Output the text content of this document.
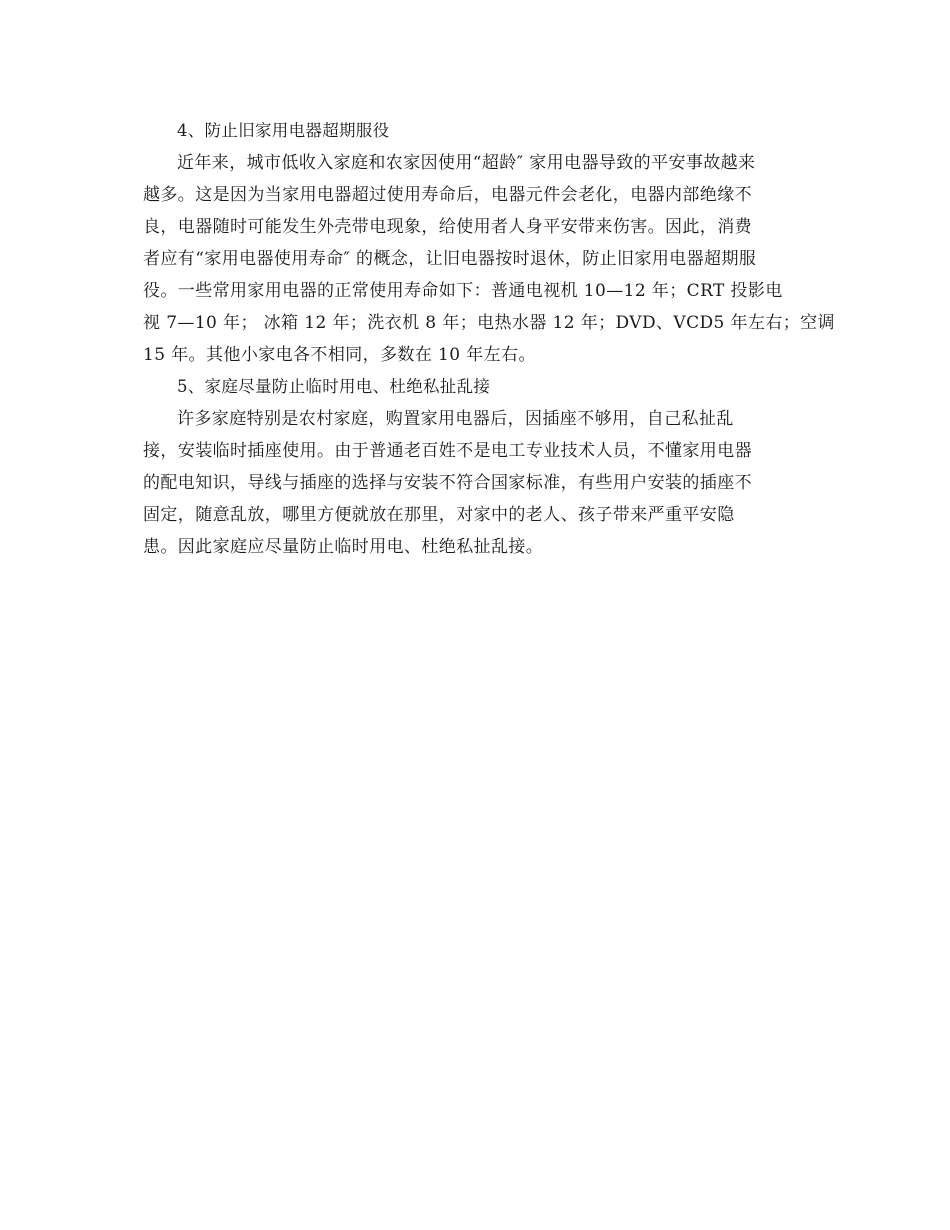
4、防止旧家用电器超期服役

近年来，城市低收入家庭和农家因使用“超龄″ 家用电器导致的平安事故越来
越多。这是因为当家用电器超过使用寿命后，电器元件会老化，电器内部绝缘不
良，电器随时可能发生外壳带电现象，给使用者人身平安带来伤害。因此，消费
者应有“家用电器使用寿命″ 的概念，让旧电器按时退休，防止旧家用电器超期服
役。一些常用家用电器的正常使用寿命如下：普通电视机 10—12 年；CRT 投影电
视 7—10 年； 冰箱 12 年；洗衣机 8 年；电热水器 12 年；DVD、VCD5 年左右；空调
15 年。其他小家电各不相同，多数在 10 年左右。

5、家庭尽量防止临时用电、杜绝私扯乱接

许多家庭特别是农村家庭，购置家用电器后，因插座不够用，自己私扯乱
接，安装临时插座使用。由于普通老百姓不是电工专业技术人员，不懂家用电器
的配电知识，导线与插座的选择与安装不符合国家标准，有些用户安装的插座不
固定，随意乱放，哪里方便就放在那里，对家中的老人、孩子带来严重平安隐
患。因此家庭应尽量防止临时用电、杜绝私扯乱接。
